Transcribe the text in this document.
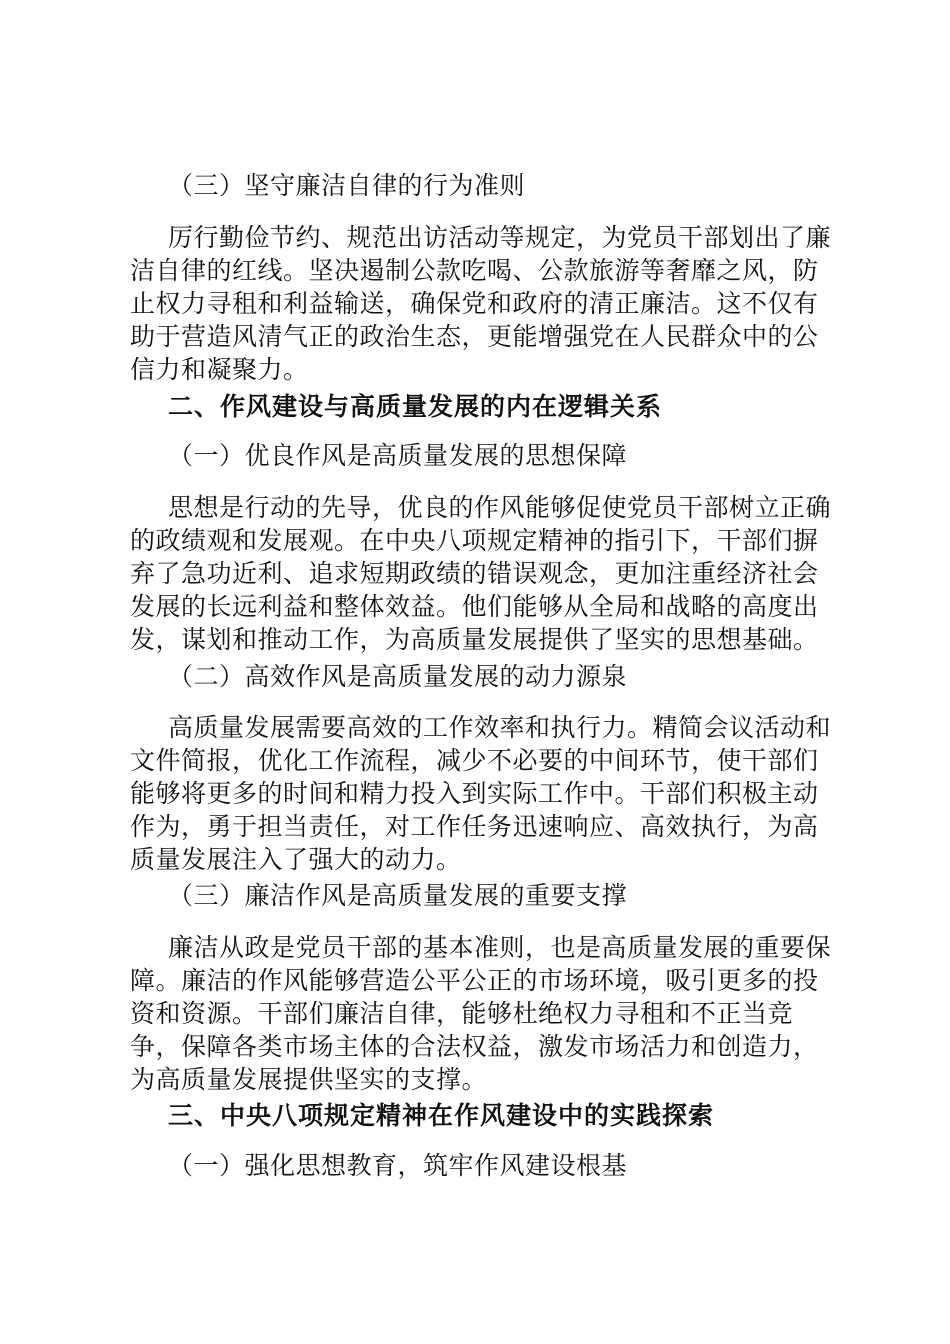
（三）坚守廉洁自律的行为准则
厉行勤俭节约、规范出访活动等规定，为党员干部划出了廉
洁自律的红线。坚决遏制公款吃喝、公款旅游等奢靡之风，防
止权力寻租和利益输送，确保党和政府的清正廉洁。这不仅有
助于营造风清气正的政治生态，更能增强党在人民群众中的公
信力和凝聚力。
二、作风建设与高质量发展的内在逻辑关系
（一）优良作风是高质量发展的思想保障
思想是行动的先导，优良的作风能够促使党员干部树立正确
的政绩观和发展观。在中央八项规定精神的指引下，干部们摒
弃了急功近利、追求短期政绩的错误观念，更加注重经济社会
发展的长远利益和整体效益。他们能够从全局和战略的高度出
发，谋划和推动工作，为高质量发展提供了坚实的思想基础。
（二）高效作风是高质量发展的动力源泉
高质量发展需要高效的工作效率和执行力。精简会议活动和
文件简报，优化工作流程，减少不必要的中间环节，使干部们
能够将更多的时间和精力投入到实际工作中。干部们积极主动
作为，勇于担当责任，对工作任务迅速响应、高效执行，为高
质量发展注入了强大的动力。
（三）廉洁作风是高质量发展的重要支撑
廉洁从政是党员干部的基本准则，也是高质量发展的重要保
障。廉洁的作风能够营造公平公正的市场环境，吸引更多的投
资和资源。干部们廉洁自律，能够杜绝权力寻租和不正当竞
争，保障各类市场主体的合法权益，激发市场活力和创造力，
为高质量发展提供坚实的支撑。
三、中央八项规定精神在作风建设中的实践探索
（一）强化思想教育，筑牢作风建设根基
